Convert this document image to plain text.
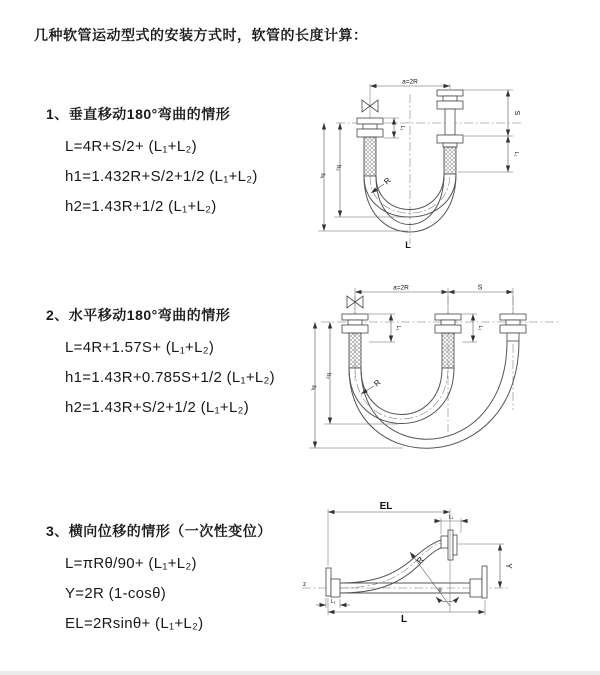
几种软管运动型式的安装方式时，软管的长度计算：
1、垂直移动180°弯曲的情形
L=4R+S/2+ (L₁+L₂)
h1=1.432R+S/2+1/2 (L₁+L₂)
h2=1.43R+1/2 (L₁+L₂)
2、水平移动180°弯曲的情形
L=4R+1.57S+ (L₁+L₂)
h1=1.43R+0.785S+1/2 (L₁+L₂)
h2=1.43R+S/2+1/2 (L₁+L₂)
3、横向位移的情形（一次性变位）
L=πRθ/90+ (L₁+L₂)
Y=2R (1-cosθ)
EL=2Rsinθ+ (L₁+L₂)
a=2R
S
L₁
L₁
h₁
h₂
R
L
a=2R	S
L₁	L₁
h₁
h₂
R
z
EL
L₁
Y
θ
R
L₁
L
